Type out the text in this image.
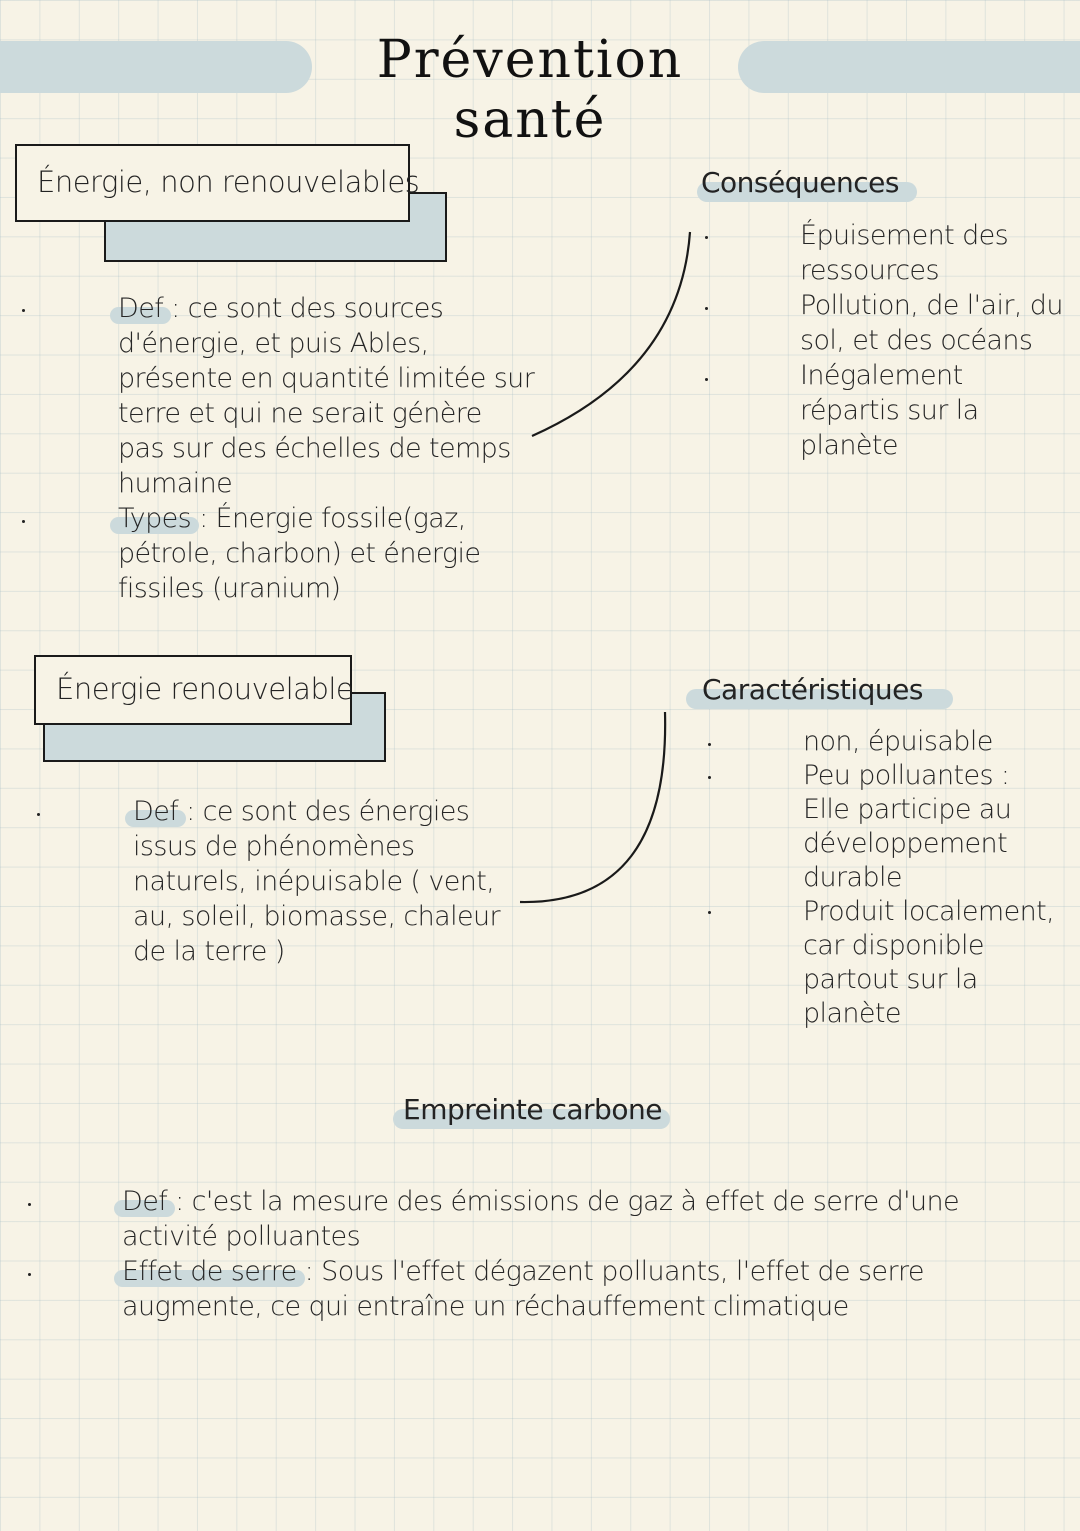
Prévention santé
Énergie, non renouvelables
Def : ce sont des sources
d'énergie, et puis Ables,
présente en quantité limitée sur
terre et qui ne serait génère
pas sur des échelles de temps
humaine
Types : Énergie fossile(gaz,
pétrole, charbon) et énergie
fissiles (uranium)
Conséquences
Épuisement des
ressources
Pollution, de l'air, du
sol, et des océans
Inégalement
répartis sur la
planète
Énergie renouvelable
Def : ce sont des énergies
issus de phénomènes
naturels, inépuisable ( vent,
au, soleil, biomasse, chaleur
de la terre )
Caractéristiques
non, épuisable
Peu polluantes :
Elle participe au
développement
durable
Produit localement,
car disponible
partout sur la
planète
Empreinte carbone
Def : c'est la mesure des émissions de gaz à effet de serre d'une
activité polluantes
Effet de serre : Sous l'effet dégazent polluants, l'effet de serre
augmente, ce qui entraîne un réchauffement climatique
